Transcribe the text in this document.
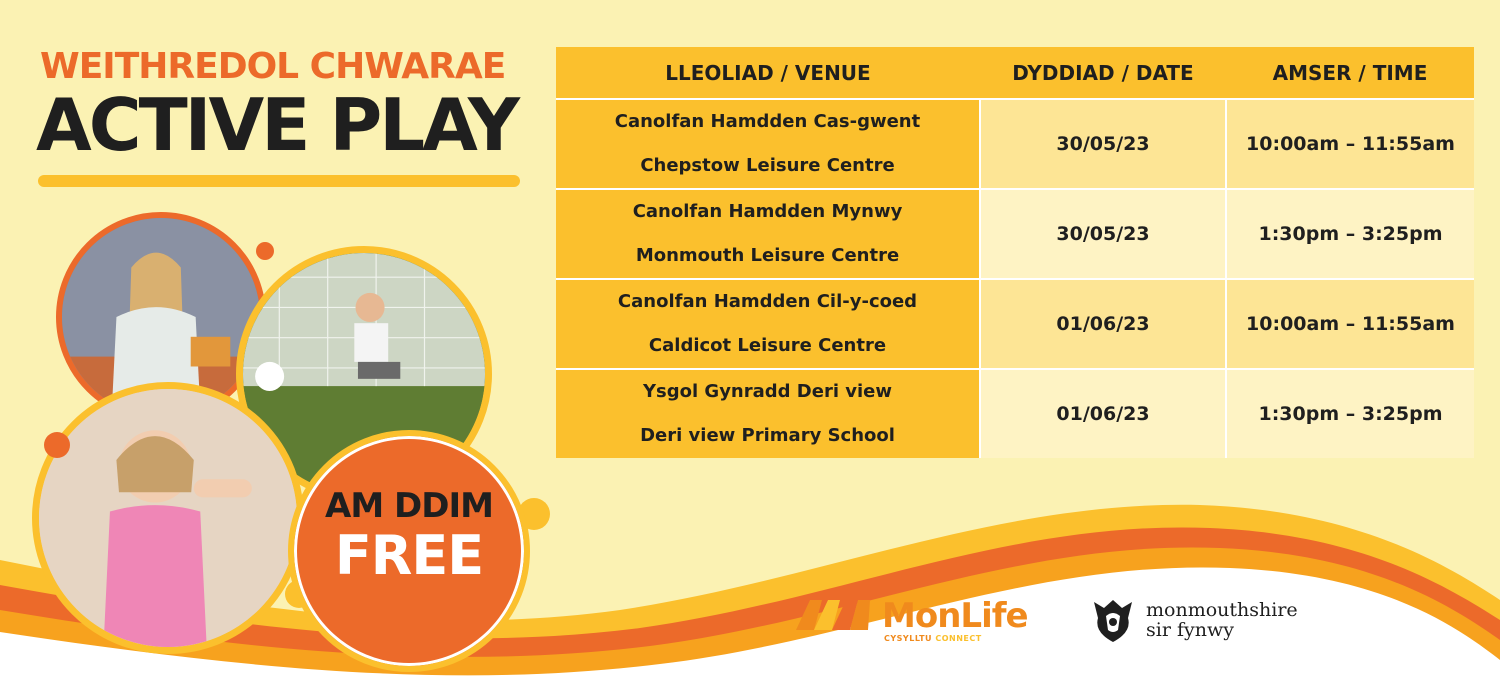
WEITHREDOL CHWARAE
ACTIVE PLAY
LLEOLIAD / VENUE	DYDDIAD / DATE	AMSER / TIME

Canolfan Hamdden Cas-gwent
Chepstow Leisure Centre	30/05/23	10:00am – 11:55am

Canolfan Hamdden Mynwy
Monmouth Leisure Centre	30/05/23	1:30pm – 3:25pm

Canolfan Hamdden Cil-y-coed
Caldicot Leisure Centre	01/06/23	10:00am – 11:55am

Ysgol Gynradd Deri view
Deri view Primary School	01/06/23	1:30pm – 3:25pm
AM DDIM
FREE
MonLife
CYSYLLTU CONNECT
monmouthshire
sir fynwy
